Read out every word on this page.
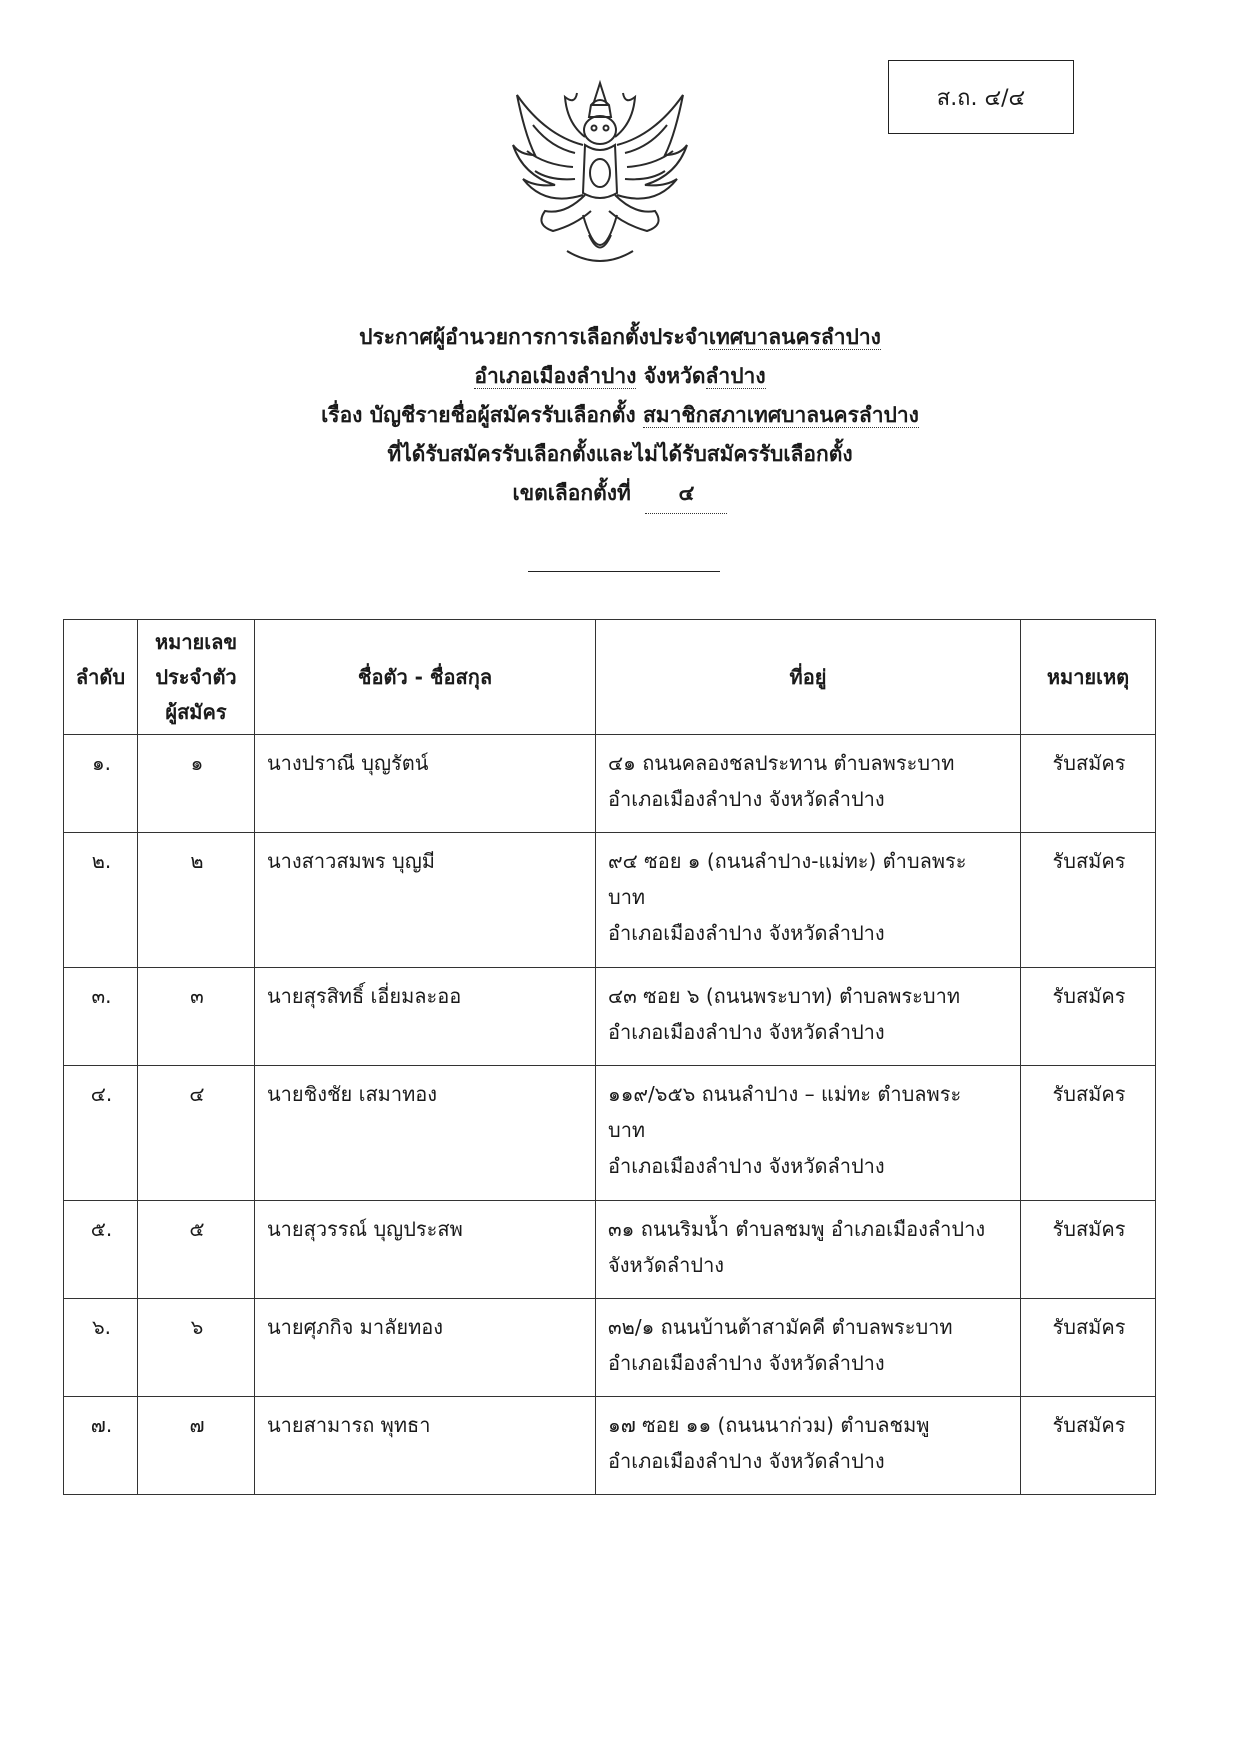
ส.ถ. ๔/๔
ประกาศผู้อำนวยการการเลือกตั้งประจำเทศบาลนครลำปาง
อำเภอเมืองลำปาง จังหวัดลำปาง
เรื่อง บัญชีรายชื่อผู้สมัครรับเลือกตั้ง สมาชิกสภาเทศบาลนครลำปาง
ที่ได้รับสมัครรับเลือกตั้งและไม่ได้รับสมัครรับเลือกตั้ง
เขตเลือกตั้งที่ ๔
ลำดับ	หมายเลข
ประจำตัว
ผู้สมัคร	ชื่อตัว - ชื่อสกุล	ที่อยู่	หมายเหตุ
๑.	๑	นางปราณี บุญรัตน์	๔๑ ถนนคลองชลประทาน ตำบลพระบาท
อำเภอเมืองลำปาง จังหวัดลำปาง	รับสมัคร
๒.	๒	นางสาวสมพร บุญมี	๙๔ ซอย ๑ (ถนนลำปาง-แม่ทะ) ตำบลพระ
บาท
อำเภอเมืองลำปาง จังหวัดลำปาง	รับสมัคร
๓.	๓	นายสุรสิทธิ์ เอี่ยมละออ	๔๓ ซอย ๖ (ถนนพระบาท) ตำบลพระบาท
อำเภอเมืองลำปาง จังหวัดลำปาง	รับสมัคร
๔.	๔	นายชิงชัย เสมาทอง	๑๑๙/๖๕๖ ถนนลำปาง – แม่ทะ ตำบลพระ
บาท
อำเภอเมืองลำปาง จังหวัดลำปาง	รับสมัคร
๕.	๕	นายสุวรรณ์ บุญประสพ	๓๑ ถนนริมน้ำ ตำบลชมพู อำเภอเมืองลำปาง
จังหวัดลำปาง	รับสมัคร
๖.	๖	นายศุภกิจ มาลัยทอง	๓๒/๑ ถนนบ้านต้าสามัคคี ตำบลพระบาท
อำเภอเมืองลำปาง จังหวัดลำปาง	รับสมัคร
๗.	๗	นายสามารถ พุทธา	๑๗ ซอย ๑๑ (ถนนนาก่วม) ตำบลชมพู
อำเภอเมืองลำปาง จังหวัดลำปาง	รับสมัคร
